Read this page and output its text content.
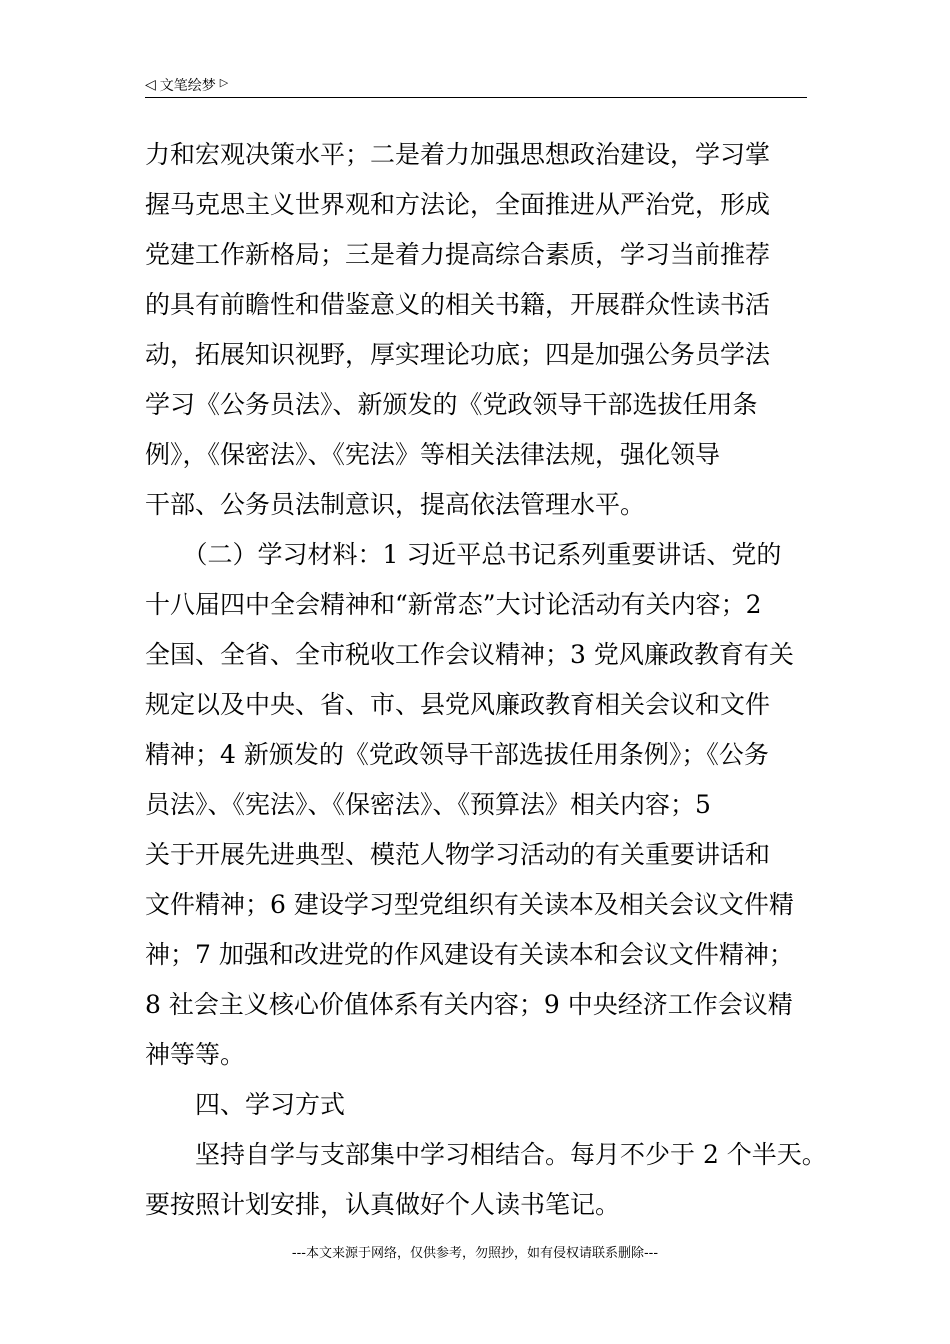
◁ 文笔绘梦 ▷
力和宏观决策水平；二是着力加强思想政治建设，学习掌
握马克思主义世界观和方法论，全面推进从严治党，形成
党建工作新格局；三是着力提高综合素质，学习当前推荐
的具有前瞻性和借鉴意义的相关书籍，开展群众性读书活
动，拓展知识视野，厚实理论功底；四是加强公务员学法
学习《公务员法》、新颁发的《党政领导干部选拔任用条
例》，《保密法》、《宪法》等相关法律法规，强化领导
干部、公务员法制意识，提高依法管理水平。
　　（二）学习材料：1 习近平总书记系列重要讲话、党的
十八届四中全会精神和“新常态”大讨论活动有关内容；2
全国、全省、全市税收工作会议精神；3 党风廉政教育有关
规定以及中央、省、市、县党风廉政教育相关会议和文件
精神；4 新颁发的《党政领导干部选拔任用条例》；《公务
员法》、《宪法》、《保密法》、《预算法》相关内容；5
关于开展先进典型、模范人物学习活动的有关重要讲话和
文件精神；6 建设学习型党组织有关读本及相关会议文件精
神；7 加强和改进党的作风建设有关读本和会议文件精神；
8 社会主义核心价值体系有关内容；9 中央经济工作会议精
神等等。
　　四、学习方式
　　坚持自学与支部集中学习相结合。每月不少于 2 个半天。
要按照计划安排，认真做好个人读书笔记。
---本文来源于网络，仅供参考，勿照抄，如有侵权请联系删除---
